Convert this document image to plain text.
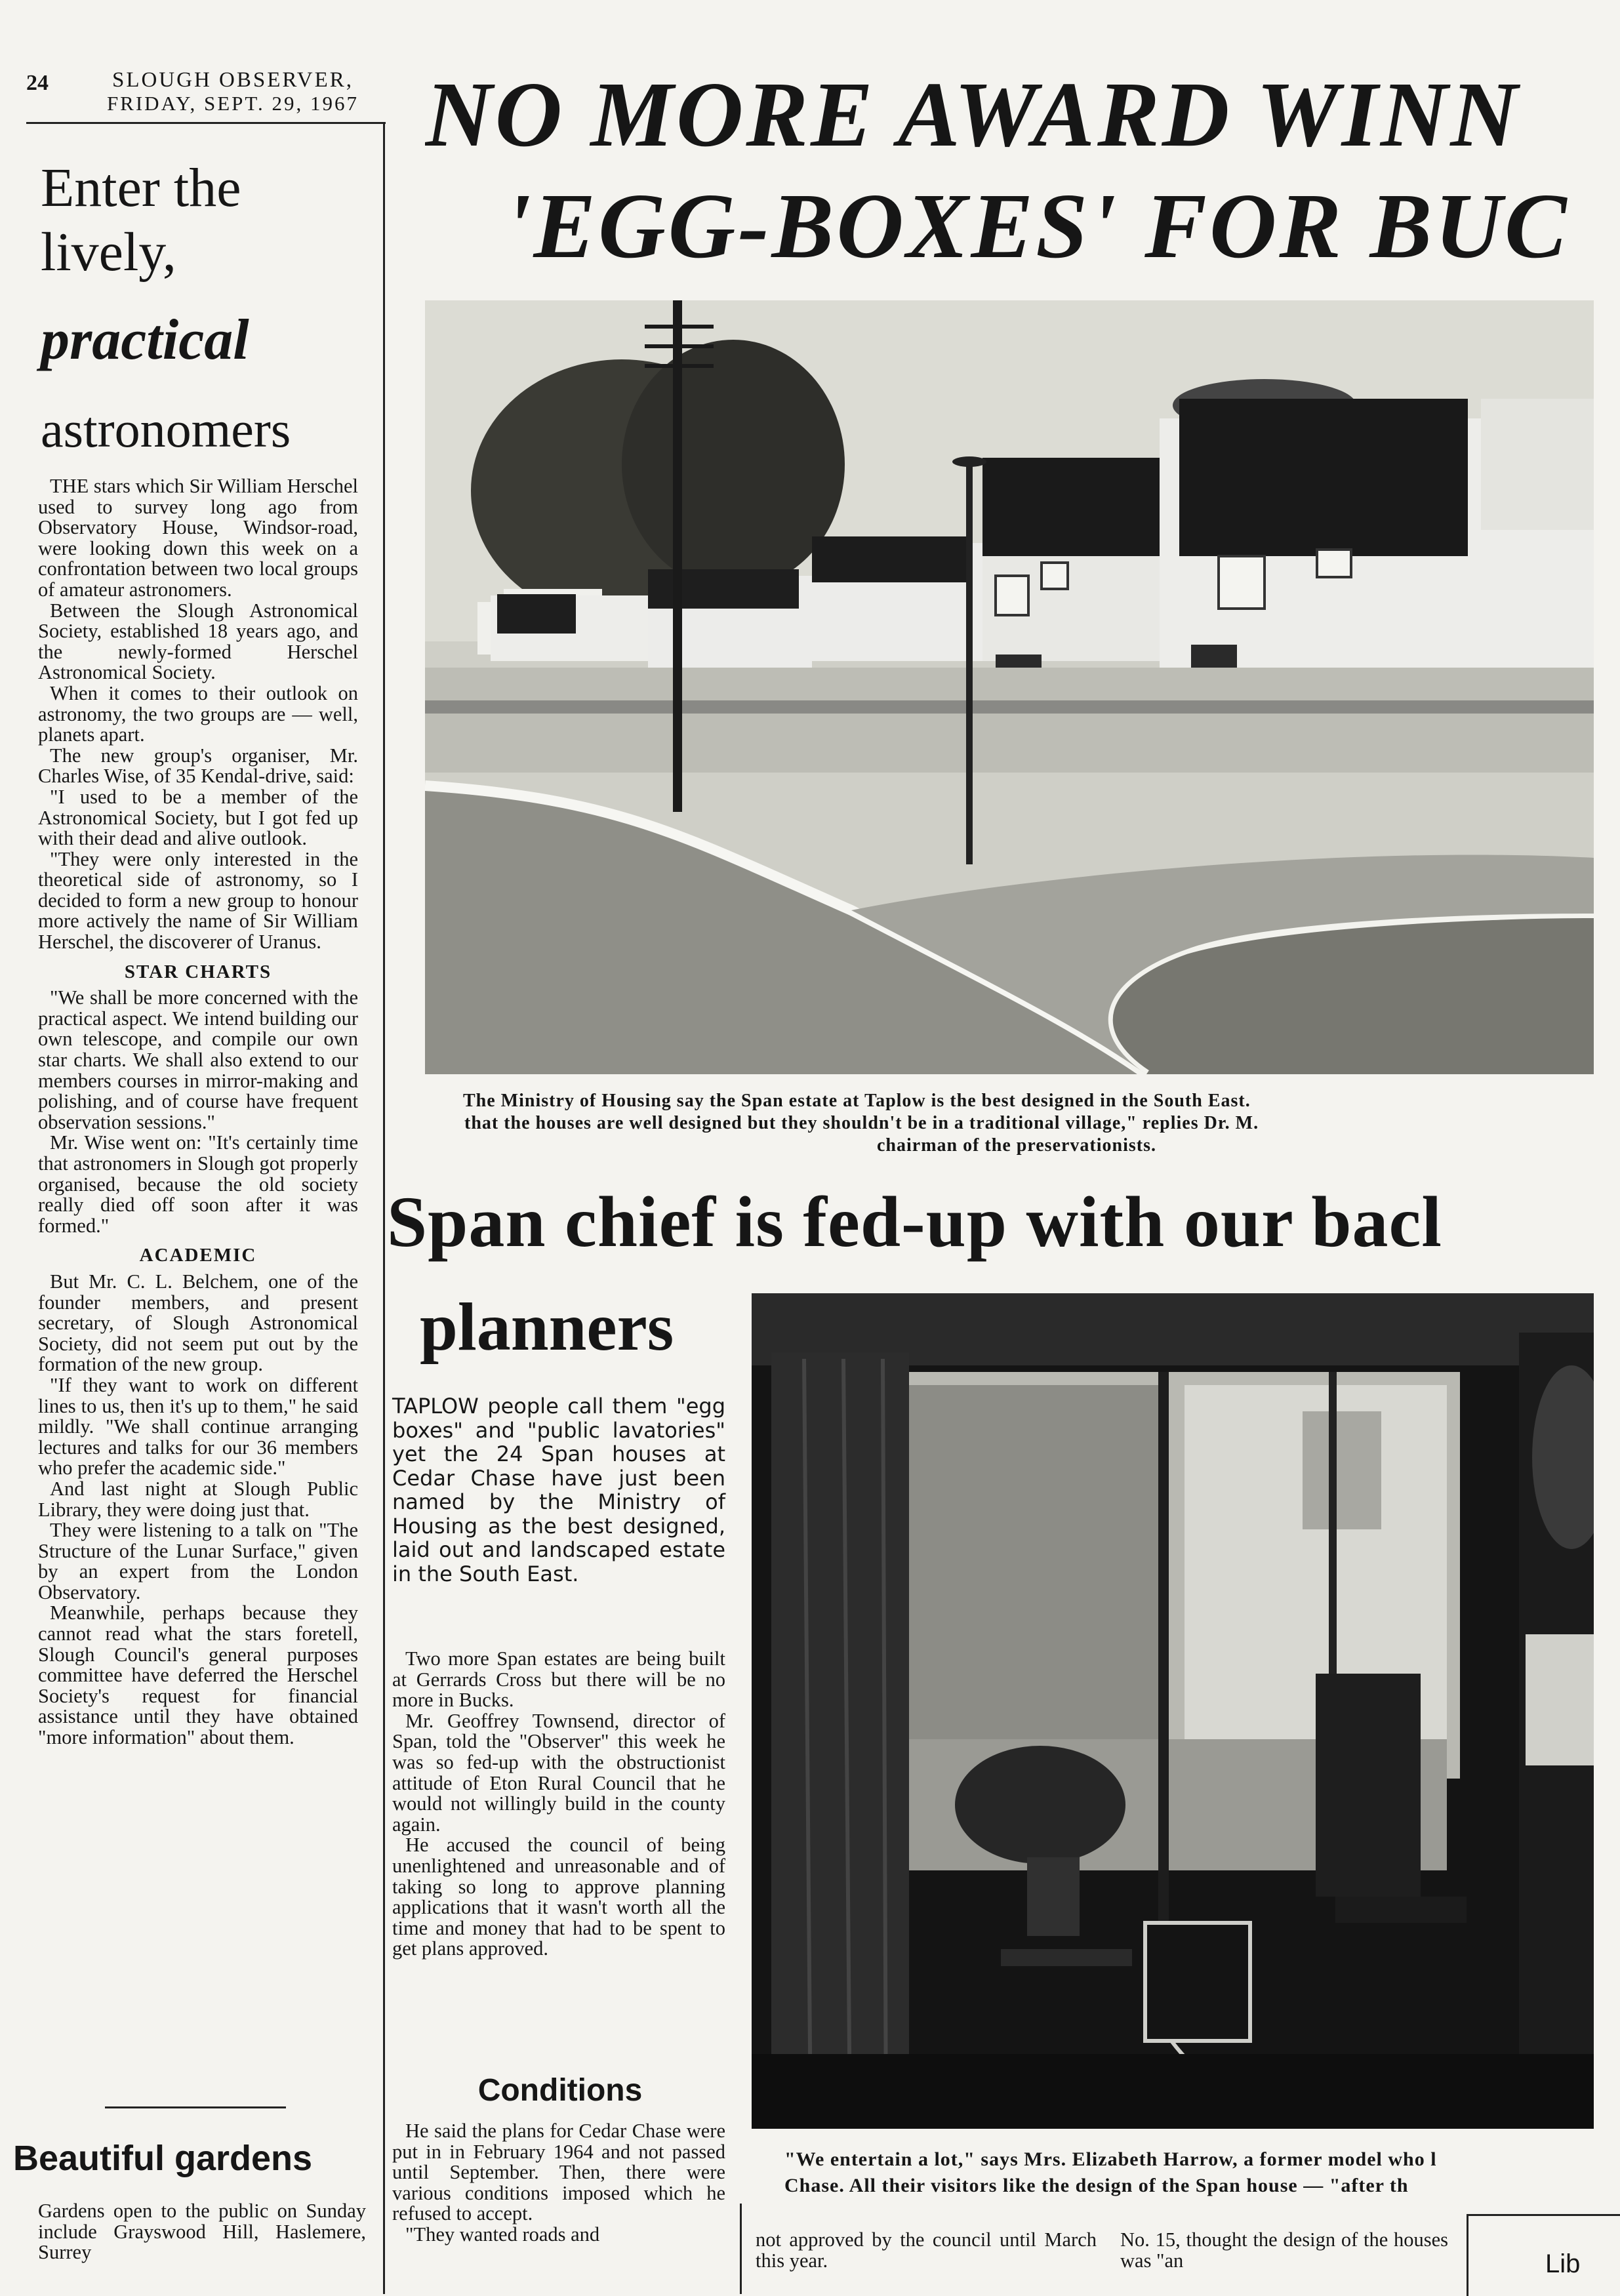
24	SLOUGH OBSERVER,
FRIDAY, SEPT. 29, 1967
Enter the
lively,
practical
astronomers

THE stars which Sir William Herschel used to survey long ago from Observatory House, Windsor-road, were looking down this week on a confrontation between two local groups of amateur astronomers.

Between the Slough Astronomical Society, established 18 years ago, and the newly-formed Herschel Astronomical Society.

When it comes to their outlook on astronomy, the two groups are — well, planets apart.

The new group's organiser, Mr. Charles Wise, of 35 Kendal-drive, said:

"I used to be a member of the Astronomical Society, but I got fed up with their dead and alive outlook.

"They were only interested in the theoretical side of astronomy, so I decided to form a new group to honour more actively the name of Sir William Herschel, the discoverer of Uranus.

STAR CHARTS

"We shall be more concerned with the practical aspect. We intend building our own telescope, and compile our own star charts. We shall also extend to our members courses in mirror-making and polishing, and of course have frequent observation sessions."

Mr. Wise went on: "It's certainly time that astronomers in Slough got properly organised, because the old society really died off soon after it was formed."

ACADEMIC

But Mr. C. L. Belchem, one of the founder members, and present secretary, of Slough Astronomical Society, did not seem put out by the formation of the new group.

"If they want to work on different lines to us, then it's up to them," he said mildly. "We shall continue arranging lectures and talks for our 36 members who prefer the academic side."

And last night at Slough Public Library, they were doing just that.

They were listening to a talk on "The Structure of the Lunar Surface," given by an expert from the London Observatory.

Meanwhile, perhaps because they cannot read what the stars foretell, Slough Council's general purposes committee have deferred the Herschel Society's request for financial assistance until they have obtained "more information" about them.

Beautiful gardens
Gardens open to the public on Sunday include Grayswood Hill, Haslemere, Surrey
NO MORE AWARD WINN
'EGG-BOXES' FOR BUC
The Ministry of Housing say the Span estate at Taplow is the best designed in the South East.
that the houses are well designed but they shouldn't be in a traditional village," replies Dr. M.
chairman of the preservationists.
Span chief is fed-up with our bacl
planners

TAPLOW people call them "egg boxes" and "public lavatories" yet the 24 Span houses at Cedar Chase have just been named by the Ministry of Housing as the best designed, laid out and landscaped estate in the South East.

Two more Span estates are being built at Gerrards Cross but there will be no more in Bucks.

Mr. Geoffrey Townsend, director of Span, told the "Observer" this week he was so fed-up with the obstructionist attitude of Eton Rural Council that he would not willingly build in the county again.

He accused the council of being unenlightened and unreasonable and of taking so long to approve planning applications that it wasn't worth all the time and money that had to be spent to get plans approved.

Conditions

He said the plans for Cedar Chase were put in in February 1964 and not passed until September. Then, there were various conditions imposed which he refused to accept.

"They wanted roads and

"We entertain a lot," says Mrs. Elizabeth Harrow, a former model who l
Chase. All their visitors like the design of the Span house — "after th
not approved by the council until March this year.
No. 15, thought the design of the houses was "an	Lib
